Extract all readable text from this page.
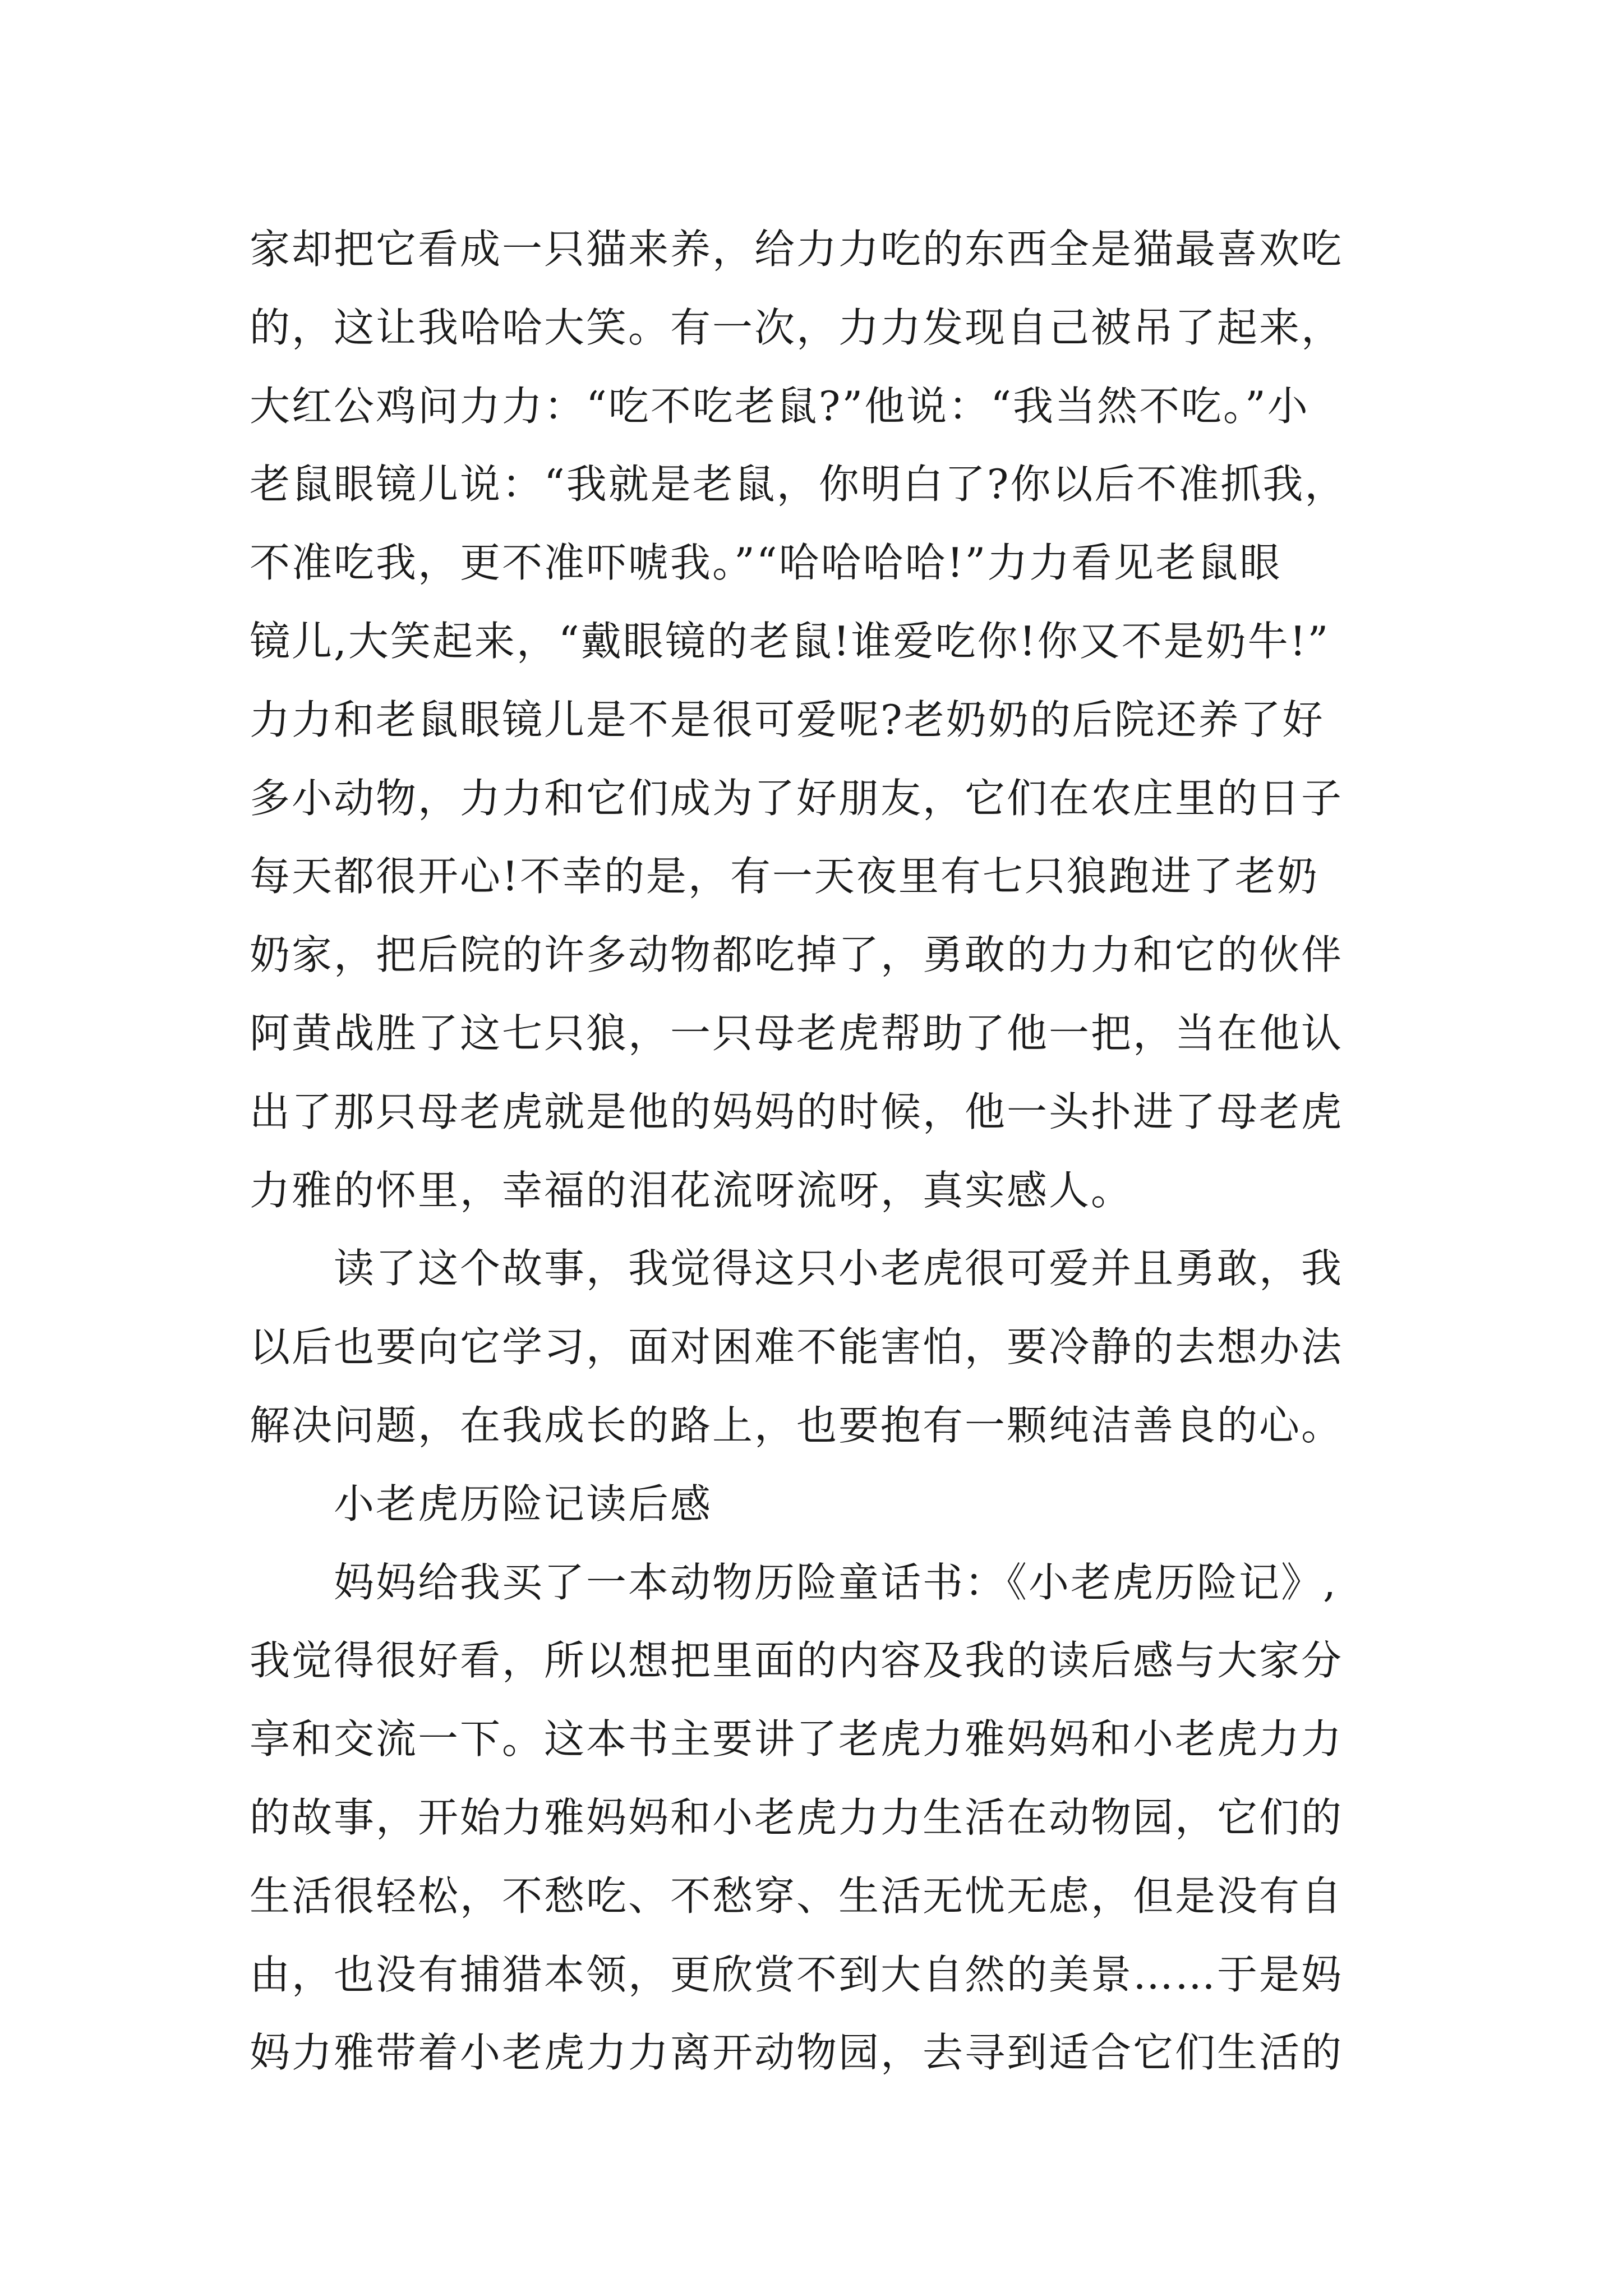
家却把它看成一只猫来养，给力力吃的东西全是猫最喜欢吃
的，这让我哈哈大笑。有一次，力力发现自己被吊了起来，
大红公鸡问力力：“吃不吃老鼠?”他说：“我当然不吃。”小
老鼠眼镜儿说：“我就是老鼠，你明白了?你以后不准抓我，
不准吃我，更不准吓唬我。”“哈哈哈哈!”力力看见老鼠眼
镜儿,大笑起来，“戴眼镜的老鼠!谁爱吃你!你又不是奶牛!”
力力和老鼠眼镜儿是不是很可爱呢?老奶奶的后院还养了好
多小动物，力力和它们成为了好朋友，它们在农庄里的日子
每天都很开心!不幸的是，有一天夜里有七只狼跑进了老奶
奶家，把后院的许多动物都吃掉了，勇敢的力力和它的伙伴
阿黄战胜了这七只狼，一只母老虎帮助了他一把，当在他认
出了那只母老虎就是他的妈妈的时候，他一头扑进了母老虎
力雅的怀里，幸福的泪花流呀流呀，真实感人。
读了这个故事，我觉得这只小老虎很可爱并且勇敢，我
以后也要向它学习，面对困难不能害怕，要冷静的去想办法
解决问题，在我成长的路上，也要抱有一颗纯洁善良的心。
小老虎历险记读后感
妈妈给我买了一本动物历险童话书：《小老虎历险记》,
我觉得很好看，所以想把里面的内容及我的读后感与大家分
享和交流一下。这本书主要讲了老虎力雅妈妈和小老虎力力
的故事，开始力雅妈妈和小老虎力力生活在动物园，它们的
生活很轻松，不愁吃、不愁穿、生活无忧无虑，但是没有自
由，也没有捕猎本领，更欣赏不到大自然的美景……于是妈
妈力雅带着小老虎力力离开动物园，去寻到适合它们生活的
